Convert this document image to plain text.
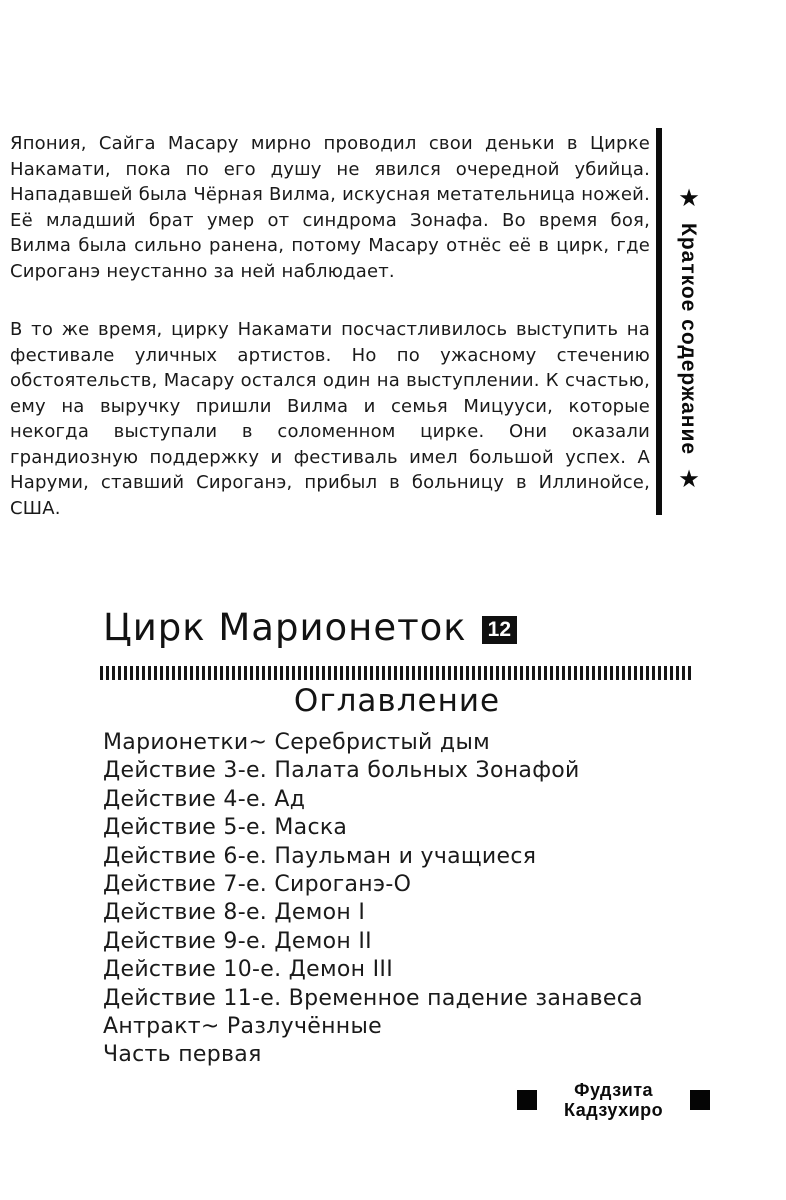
Япония, Сайга Масару мирно проводил свои деньки в Цирке Накамати, пока по его душу не явился очередной убийца. Нападавшей была Чёрная Вилма, искусная метательница ножей. Её младший брат умер от синдрома Зонафа. Во время боя, Вилма была сильно ранена, потому Масару отнёс её в цирк, где Сироганэ неустанно за ней наблюдает.

В то же время, цирку Накамати посчастливилось выступить на фестивале уличных артистов. Но по ужасному стечению обстоятельств, Масару остался один на выступлении. К счастью, ему на выручку пришли Вилма и семья Мицууси, которые некогда выступали в соломенном цирке. Они оказали грандиозную поддержку и фестиваль имел большой успех. А Наруми, ставший Сироганэ, прибыл в больницу в Иллинойсе, США.

★Краткое содержание★
Цирк Марионеток 12
Оглавление
Марионетки~ Серебристый дым
Действие 3-е. Палата больных Зонафой
Действие 4-е. Ад
Действие 5-е. Маска
Действие 6-е. Паульман и учащиеся
Действие 7-е. Сироганэ-О
Действие 8-е. Демон I
Действие 9-е. Демон II
Действие 10-е. Демон III
Действие 11-е. Временное падение занавеса
Антракт~ Разлучённые
Часть первая
Фудзита
Кадзухиро
